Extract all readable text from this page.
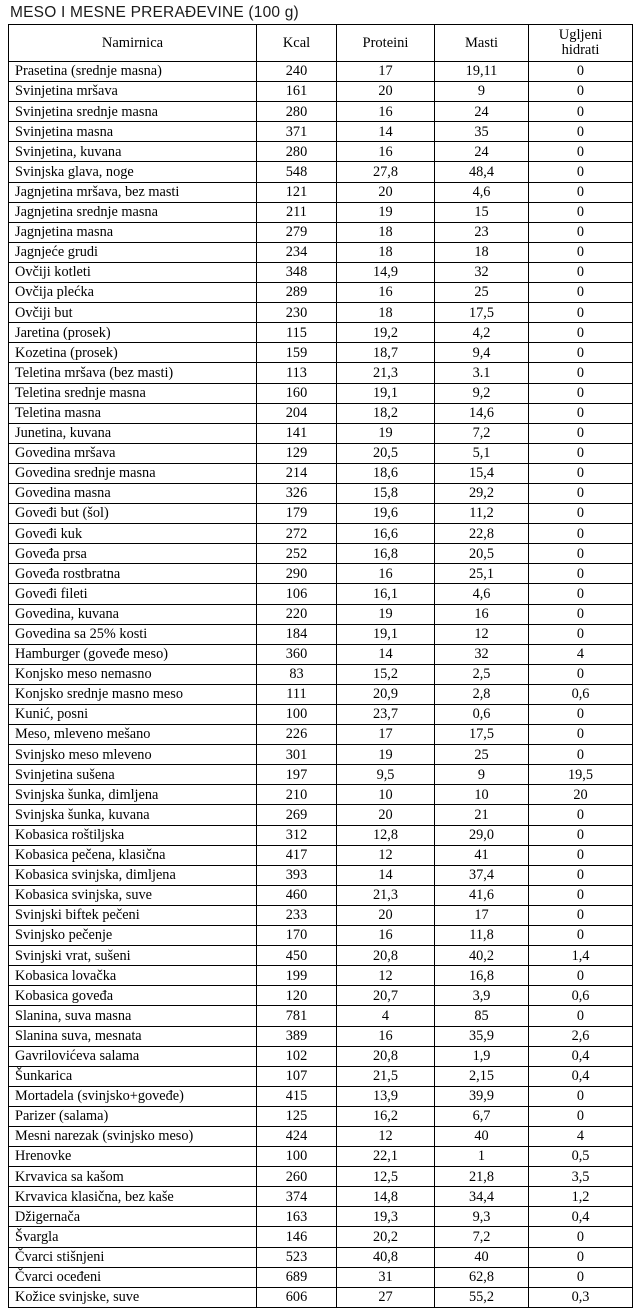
MESO I MESNE PRERAĐEVINE (100 g)
Namirnica	Kcal	Proteini	Masti	Ugljeni
hidrati

Prasetina (srednje masna)	240	17	19,11	0
Svinjetina mršava	161	20	9	0
Svinjetina srednje masna	280	16	24	0
Svinjetina masna	371	14	35	0
Svinjetina, kuvana	280	16	24	0
Svinjska glava, noge	548	27,8	48,4	0
Jagnjetina mršava, bez masti	121	20	4,6	0
Jagnjetina srednje masna	211	19	15	0
Jagnjetina masna	279	18	23	0
Jagnjeće grudi	234	18	18	0
Ovčiji kotleti	348	14,9	32	0
Ovčija plećka	289	16	25	0
Ovčiji but	230	18	17,5	0
Jaretina (prosek)	115	19,2	4,2	0
Kozetina (prosek)	159	18,7	9,4	0
Teletina mršava (bez masti)	113	21,3	3.1	0
Teletina srednje masna	160	19,1	9,2	0
Teletina masna	204	18,2	14,6	0
Junetina, kuvana	141	19	7,2	0
Govedina mršava	129	20,5	5,1	0
Govedina srednje masna	214	18,6	15,4	0
Govedina masna	326	15,8	29,2	0
Goveđi but (šol)	179	19,6	11,2	0
Goveđi kuk	272	16,6	22,8	0
Goveđa prsa	252	16,8	20,5	0
Goveđa rostbratna	290	16	25,1	0
Goveđi fileti	106	16,1	4,6	0
Govedina, kuvana	220	19	16	0
Govedina sa 25% kosti	184	19,1	12	0
Hamburger (goveđe meso)	360	14	32	4
Konjsko meso nemasno	83	15,2	2,5	0
Konjsko srednje masno meso	111	20,9	2,8	0,6
Kunić, posni	100	23,7	0,6	0
Meso, mleveno mešano	226	17	17,5	0
Svinjsko meso mleveno	301	19	25	0
Svinjetina sušena	197	9,5	9	19,5
Svinjska šunka, dimljena	210	10	10	20
Svinjska šunka, kuvana	269	20	21	0
Kobasica roštiljska	312	12,8	29,0	0
Kobasica pečena, klasična	417	12	41	0
Kobasica svinjska, dimljena	393	14	37,4	0
Kobasica svinjska, suve	460	21,3	41,6	0
Svinjski biftek pečeni	233	20	17	0
Svinjsko pečenje	170	16	11,8	0
Svinjski vrat, sušeni	450	20,8	40,2	1,4
Kobasica lovačka	199	12	16,8	0
Kobasica goveđa	120	20,7	3,9	0,6
Slanina, suva masna	781	4	85	0
Slanina suva, mesnata	389	16	35,9	2,6
Gavrilovićeva salama	102	20,8	1,9	0,4
Šunkarica	107	21,5	2,15	0,4
Mortadela (svinjsko+goveđe)	415	13,9	39,9	0
Parizer (salama)	125	16,2	6,7	0
Mesni narezak (svinjsko meso)	424	12	40	4
Hrenovke	100	22,1	1	0,5
Krvavica sa kašom	260	12,5	21,8	3,5
Krvavica klasična, bez kaše	374	14,8	34,4	1,2
Džigernača	163	19,3	9,3	0,4
Švargla	146	20,2	7,2	0
Čvarci stišnjeni	523	40,8	40	0
Čvarci oceđeni	689	31	62,8	0
Kožice svinjske, suve	606	27	55,2	0,3
